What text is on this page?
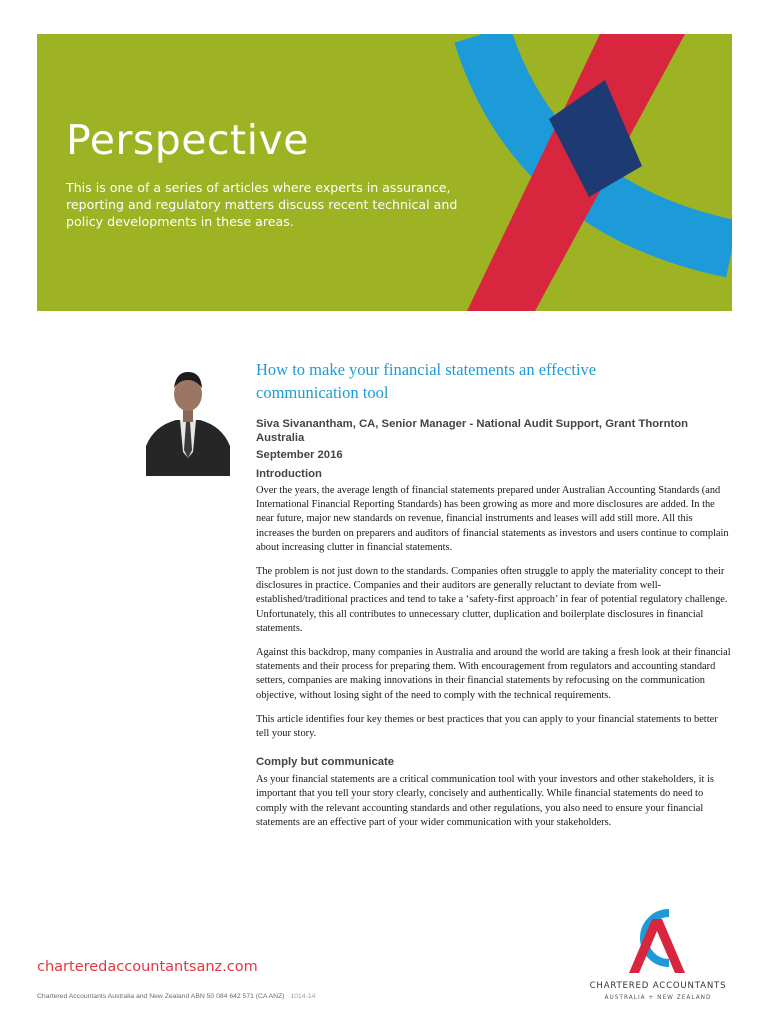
Perspective
This is one of a series of articles where experts in assurance, reporting and regulatory matters discuss recent technical and policy developments in these areas.
How to make your financial statements an effective communication tool
Siva Sivanantham, CA, Senior Manager - National Audit Support, Grant Thornton Australia
September 2016
Introduction

Over the years, the average length of financial statements prepared under Australian Accounting Standards (and International Financial Reporting Standards) has been growing as more and more disclosures are added. In the near future, major new standards on revenue, financial instruments and leases will add still more. All this increases the burden on preparers and auditors of financial statements as investors and users continue to complain about increasing clutter in financial statements.

The problem is not just down to the standards. Companies often struggle to apply the materiality concept to their disclosures in practice. Companies and their auditors are generally reluctant to deviate from well-established/traditional practices and tend to take a ‘safety-first approach’ in fear of potential regulatory challenge. Unfortunately, this all contributes to unnecessary clutter, duplication and boilerplate disclosures in financial statements.

Against this backdrop, many companies in Australia and around the world are taking a fresh look at their financial statements and their process for preparing them. With encouragement from regulators and accounting standard setters, companies are making innovations in their financial statements by refocusing on the communication objective, without losing sight of the need to comply with the technical requirements.

This article identifies four key themes or best practices that you can apply to your financial statements to better tell your story.

Comply but communicate

As your financial statements are a critical communication tool with your investors and other stakeholders, it is important that you tell your story clearly, concisely and authentically. While financial statements do need to comply with the relevant accounting standards and other regulations, you also need to ensure your financial statements are an effective part of your wider communication with your stakeholders.

charteredaccountantsanz.com
Chartered Accountants Australia and New Zealand ABN 50 084 642 571 (CA ANZ) 1014-14
CHARTERED ACCOUNTANTS
AUSTRALIA + NEW ZEALAND
